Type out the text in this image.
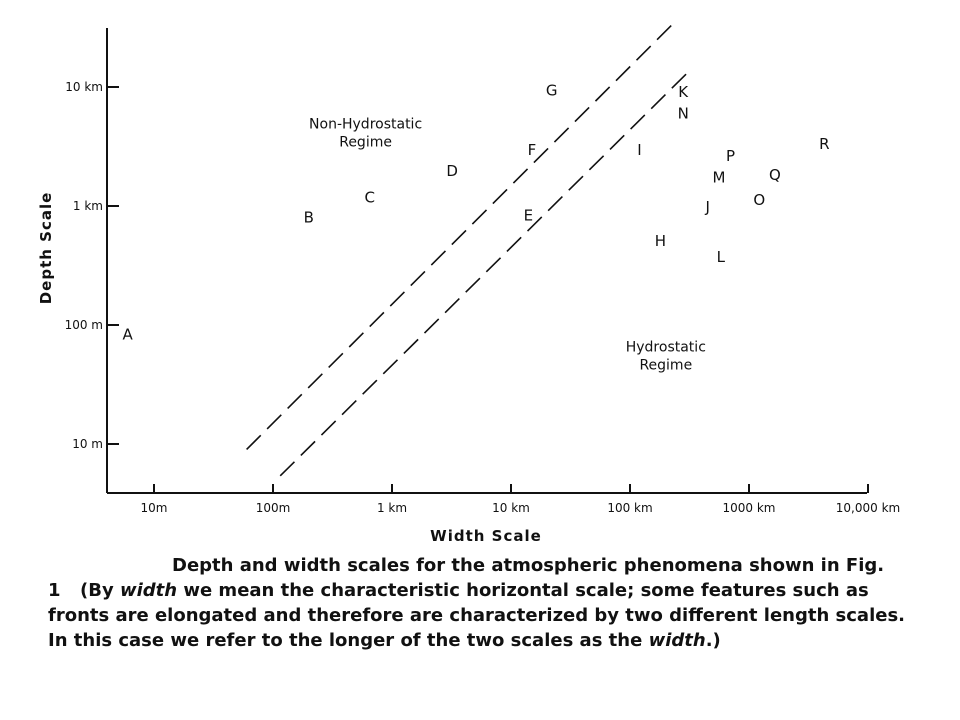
10m	100m	1 km	10 km	100 km	1000 km	10,000 km
10 m
100 m
1 km
10 km
Non-Hydrostatic Regime
Hydrostatic Regime
A
B
C
D
E
F
G
H
I
J
K
L
M
N
O
P
Q
R
Width Scale
Depth Scale
Depth and width scales for the atmospheric phenomena shown in Fig.
1 (By width we mean the characteristic horizontal scale; some features such as
fronts are elongated and therefore are characterized by two different length scales.
In this case we refer to the longer of the two scales as the width.)
